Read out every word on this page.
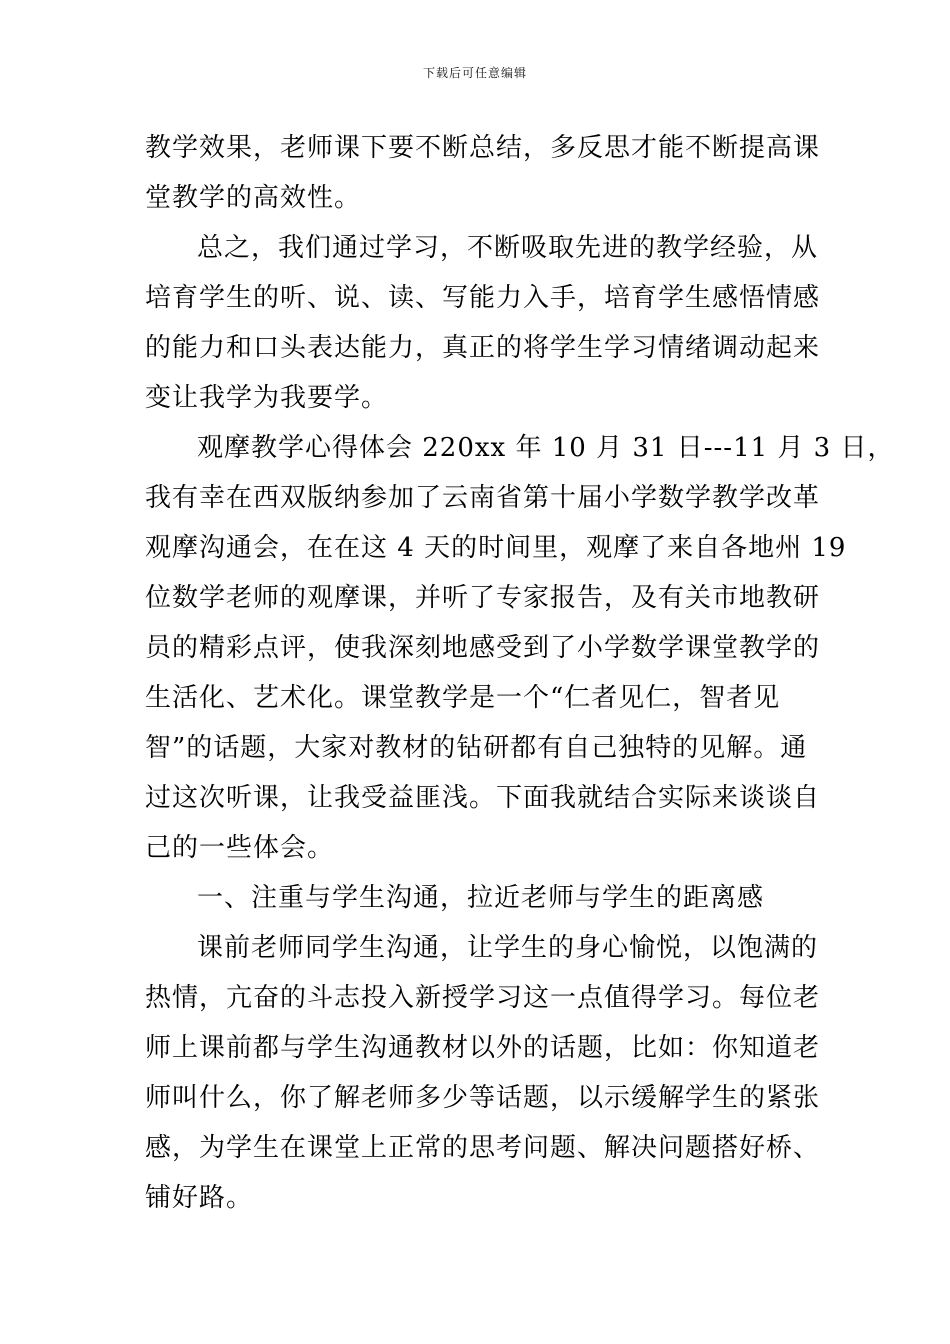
下载后可任意编辑
教学效果，老师课下要不断总结，多反思才能不断提高课
堂教学的高效性。
总之，我们通过学习，不断吸取先进的教学经验，从
培育学生的听、说、读、写能力入手，培育学生感悟情感
的能力和口头表达能力，真正的将学生学习情绪调动起来
变让我学为我要学。
观摩教学心得体会 220xx 年 10 月 31 日---11 月 3 日，
我有幸在西双版纳参加了云南省第十届小学数学教学改革
观摩沟通会，在在这 4 天的时间里，观摩了来自各地州 19
位数学老师的观摩课，并听了专家报告，及有关市地教研
员的精彩点评，使我深刻地感受到了小学数学课堂教学的
生活化、艺术化。课堂教学是一个“仁者见仁，智者见
智”的话题，大家对教材的钻研都有自己独特的见解。通
过这次听课，让我受益匪浅。下面我就结合实际来谈谈自
己的一些体会。
一、注重与学生沟通，拉近老师与学生的距离感
课前老师同学生沟通，让学生的身心愉悦，以饱满的
热情，亢奋的斗志投入新授学习这一点值得学习。每位老
师上课前都与学生沟通教材以外的话题，比如：你知道老
师叫什么，你了解老师多少等话题，以示缓解学生的紧张
感，为学生在课堂上正常的思考问题、解决问题搭好桥、
铺好路。
